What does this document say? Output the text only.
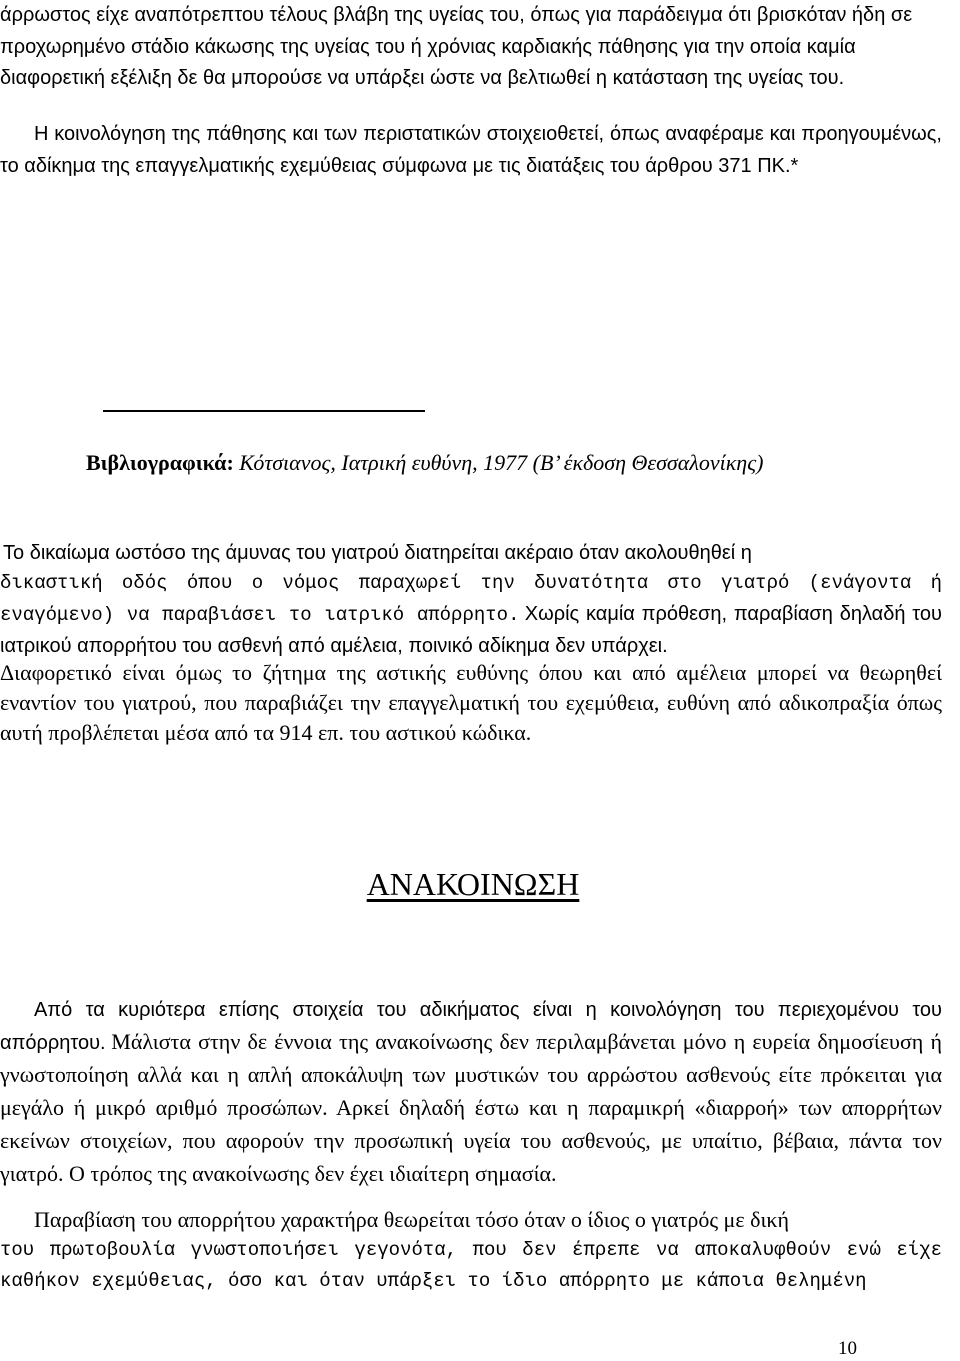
άρρωστος είχε αναπότρεπτου τέλους βλάβη της υγείας του, όπως για παράδειγμα ότι βρισκόταν ήδη σε προχωρημένο στάδιο κάκωσης της υγείας του ή χρόνιας καρδιακής πάθησης για την οποία καμία διαφορετική εξέλιξη δε θα μπορούσε να υπάρξει ώστε να βελτιωθεί η κατάσταση της υγείας του.

Η κοινολόγηση της πάθησης και των περιστατικών στοιχειοθετεί, όπως αναφέραμε και προηγουμένως, το αδίκημα της επαγγελματικής εχεμύθειας σύμφωνα με τις διατάξεις του άρθρου 371 ΠΚ.*

Βιβλιογραφικά: Κότσιανος, Ιατρική ευθύνη, 1977 (Β’ έκδοση Θεσσαλονίκης)

Το δικαίωμα ωστόσο της άμυνας του γιατρού διατηρείται ακέραιο όταν ακολουθηθεί η

δικαστική οδός όπου ο νόμος παραχωρεί την δυνατότητα στο γιατρό (ενάγοντα ή εναγόμενο) να παραβιάσει το ιατρικό απόρρητο. Χωρίς καμία πρόθεση, παραβίαση δηλαδή του ιατρικού απορρήτου του ασθενή από αμέλεια, ποινικό αδίκημα δεν υπάρχει.

Διαφορετικό είναι όμως το ζήτημα της αστικής ευθύνης όπου και από αμέλεια μπορεί να θεωρηθεί εναντίον του γιατρού, που παραβιάζει την επαγγελματική του εχεμύθεια, ευθύνη από αδικοπραξία όπως αυτή προβλέπεται μέσα από τα 914 επ. του αστικού κώδικα.

ΑΝΑΚΟΙΝΩΣΗ

Από τα κυριότερα επίσης στοιχεία του αδικήματος είναι η κοινολόγηση του περιεχομένου του απόρρητου. Μάλιστα στην δε έννοια της ανακοίνωσης δεν περιλαμβάνεται μόνο η ευρεία δημοσίευση ή γνωστοποίηση αλλά και η απλή αποκάλυψη των μυστικών του αρρώστου ασθενούς είτε πρόκειται για μεγάλο ή μικρό αριθμό προσώπων. Αρκεί δηλαδή έστω και η παραμικρή «διαρροή» των απορρήτων εκείνων στοιχείων, που αφορούν την προσωπική υγεία του ασθενούς, με υπαίτιο, βέβαια, πάντα τον γιατρό. Ο τρόπος της ανακοίνωσης δεν έχει ιδιαίτερη σημασία.

Παραβίαση του απορρήτου χαρακτήρα θεωρείται τόσο όταν ο ίδιος ο γιατρός με δική

του πρωτοβουλία γνωστοποιήσει γεγονότα, που δεν έπρεπε να αποκαλυφθούν ενώ είχε καθήκον εχεμύθειας, όσο και όταν υπάρξει το ίδιο απόρρητο με κάποια θελημένη

10
